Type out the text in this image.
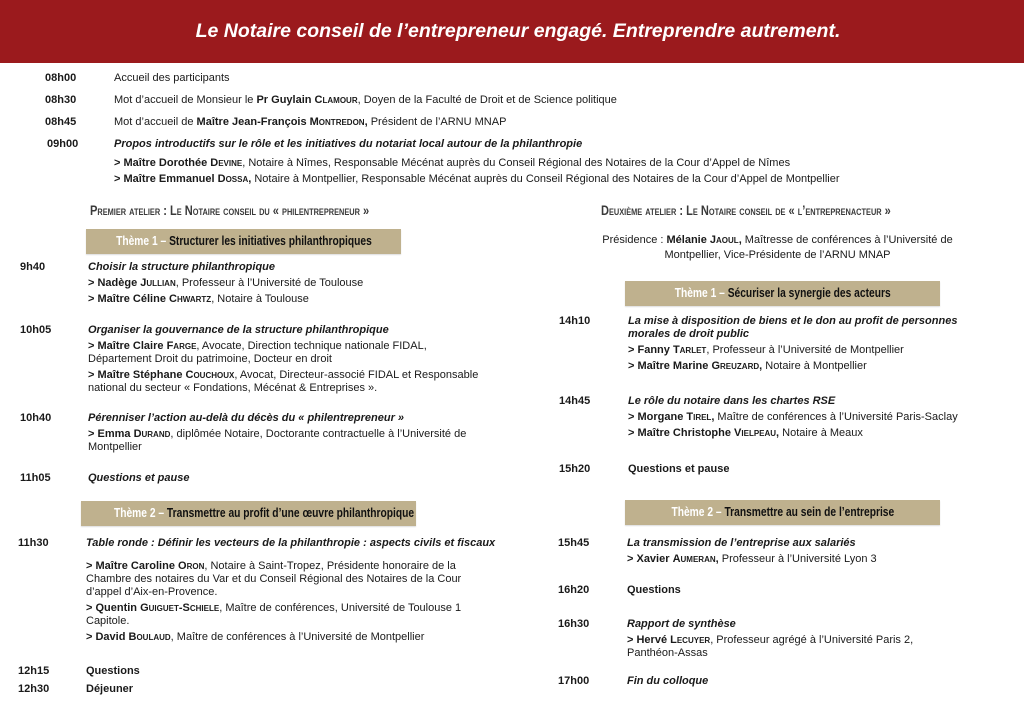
Le Notaire conseil de l’entrepreneur engagé. Entreprendre autrement.
08h00	Accueil des participants
08h30	Mot d’accueil de Monsieur le Pr Guylain Clamour, Doyen de la Faculté de Droit et de Science politique
08h45	Mot d’accueil de Maître Jean-François Montredon, Président de l’ARNU MNAP
09h00	Propos introductifs sur le rôle et les initiatives du notariat local autour de la philanthropie
> Maître Dorothée Devine, Notaire à Nîmes, Responsable Mécénat auprès du Conseil Régional des Notaires de la Cour d’Appel de Nîmes
> Maître Emmanuel Dossa, Notaire à Montpellier, Responsable Mécénat auprès du Conseil Régional des Notaires de la Cour d’Appel de Montpellier
Premier atelier : Le Notaire conseil du « philentrepreneur »
Thème 1 – Structurer les initiatives philanthropiques
9h40	Choisir la structure philanthropique
> Nadège Jullian, Professeur à l’Université de Toulouse
> Maître Céline Chwartz, Notaire à Toulouse
10h05	Organiser la gouvernance de la structure philanthropique
> Maître Claire Farge, Avocate, Direction technique nationale FIDAL, Département Droit du patrimoine, Docteur en droit
> Maître Stéphane Couchoux, Avocat, Directeur-associé FIDAL et Responsable national du secteur « Fondations, Mécénat & Entreprises ».
10h40	Pérenniser l’action au-delà du décès du « philentrepreneur »
> Emma Durand, diplômée Notaire, Doctorante contractuelle à l’Université de Montpellier
11h05	Questions et pause
Thème 2 – Transmettre au profit d’une œuvre philanthropique
11h30	Table ronde : Définir les vecteurs de la philanthropie : aspects civils et fiscaux
> Maître Caroline Oron, Notaire à Saint-Tropez, Présidente honoraire de la Chambre des notaires du Var et du Conseil Régional des Notaires de la Cour d’appel d’Aix-en-Provence.
> Quentin Guiguet-Schiele, Maître de conférences, Université de Toulouse 1 Capitole.
> David Boulaud, Maître de conférences à l’Université de Montpellier
12h15	Questions
12h30	Déjeuner
Deuxième atelier : Le Notaire conseil de « l’entreprenacteur »
Présidence : Mélanie Jaoul, Maîtresse de conférences à l’Université de
Montpellier, Vice-Présidente de l’ARNU MNAP
Thème 1 – Sécuriser la synergie des acteurs
14h10	La mise à disposition de biens et le don au profit de personnes morales de droit public
> Fanny Tarlet, Professeur à l’Université de Montpellier
> Maître Marine Greuzard, Notaire à Montpellier
14h45	Le rôle du notaire dans les chartes RSE
> Morgane Tirel, Maître de conférences à l’Université Paris-Saclay
> Maître Christophe Vielpeau, Notaire à Meaux
15h20	Questions et pause
Thème 2 – Transmettre au sein de l’entreprise
15h45	La transmission de l’entreprise aux salariés
> Xavier Aumeran, Professeur à l’Université Lyon 3
16h20	Questions
16h30	Rapport de synthèse
> Hervé Lecuyer, Professeur agrégé à l’Université Paris 2, Panthéon-Assas
17h00	Fin du colloque
